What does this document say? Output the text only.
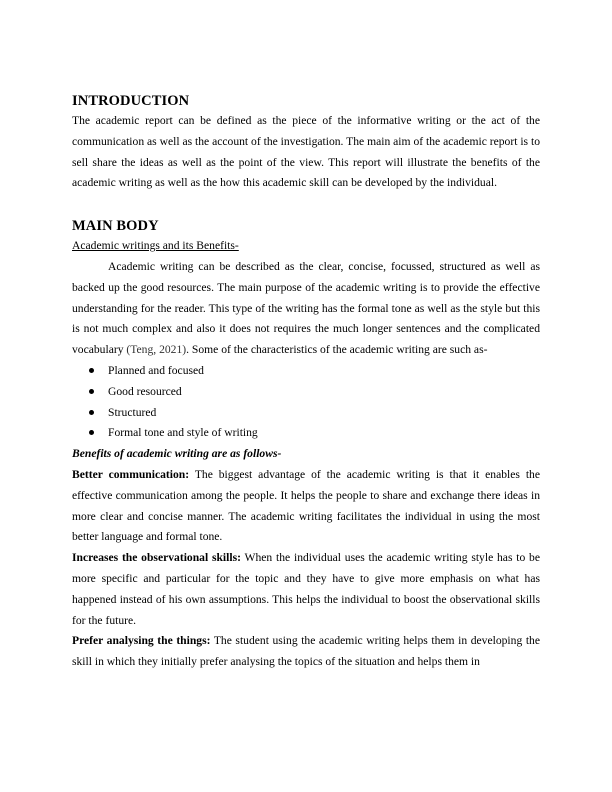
INTRODUCTION

The academic report can be defined as the piece of the informative writing or the act of the communication as well as the account of the investigation. The main aim of the academic report is to sell share the ideas as well as the point of the view. This report will illustrate the benefits of the academic writing as well as the how this academic skill can be developed by the individual.

MAIN BODY

Academic writings and its Benefits-

Academic writing can be described as the clear, concise, focussed, structured as well as backed up the good resources. The main purpose of the academic writing is to provide the effective understanding for the reader. This type of the writing has the formal tone as well as the style but this is not much complex and also it does not requires the much longer sentences and the complicated vocabulary (Teng, 2021). Some of the characteristics of the academic writing are such as-

Planned and focused
Good resourced
Structured
Formal tone and style of writing

Benefits of academic writing are as follows-

Better communication: The biggest advantage of the academic writing is that it enables the effective communication among the people. It helps the people to share and exchange there ideas in more clear and concise manner. The academic writing facilitates the individual in using the most better language and formal tone.

Increases the observational skills: When the individual uses the academic writing style has to be more specific and particular for the topic and they have to give more emphasis on what has happened instead of his own assumptions. This helps the individual to boost the observational skills for the future.

Prefer analysing the things: The student using the academic writing helps them in developing the skill in which they initially prefer analysing the topics of the situation and helps them in
